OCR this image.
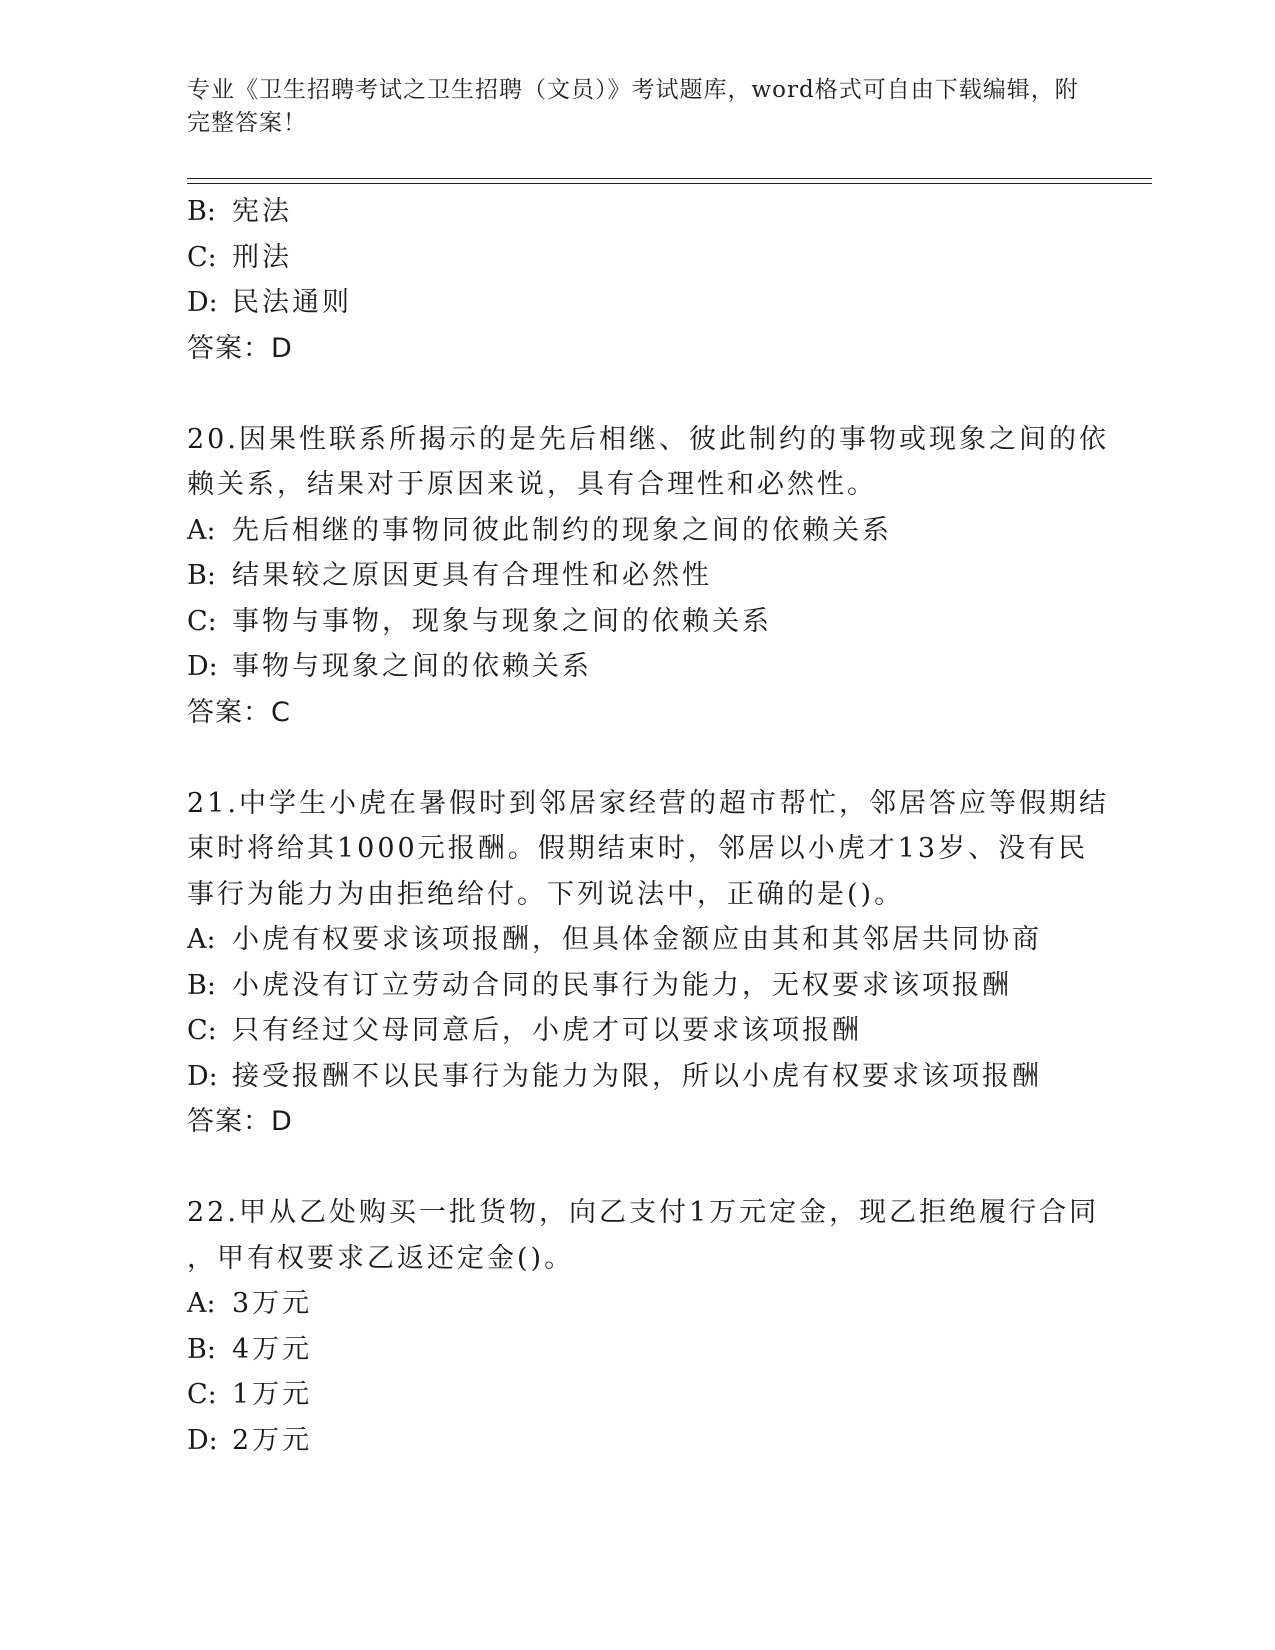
专业《卫生招聘考试之卫生招聘（文员）》考试题库，word格式可自由下载编辑，附完整答案！
B: 宪法
C: 刑法
D: 民法通则
答案：D
20.因果性联系所揭示的是先后相继、彼此制约的事物或现象之间的依
赖关系，结果对于原因来说，具有合理性和必然性。
A: 先后相继的事物同彼此制约的现象之间的依赖关系
B: 结果较之原因更具有合理性和必然性
C: 事物与事物，现象与现象之间的依赖关系
D: 事物与现象之间的依赖关系
答案：C
21.中学生小虎在暑假时到邻居家经营的超市帮忙，邻居答应等假期结
束时将给其1000元报酬。假期结束时，邻居以小虎才13岁、没有民
事行为能力为由拒绝给付。下列说法中，正确的是()。
A: 小虎有权要求该项报酬，但具体金额应由其和其邻居共同协商
B: 小虎没有订立劳动合同的民事行为能力，无权要求该项报酬
C: 只有经过父母同意后，小虎才可以要求该项报酬
D: 接受报酬不以民事行为能力为限，所以小虎有权要求该项报酬
答案：D
22.甲从乙处购买一批货物，向乙支付1万元定金，现乙拒绝履行合同
，甲有权要求乙返还定金()。
A: 3万元
B: 4万元
C: 1万元
D: 2万元
